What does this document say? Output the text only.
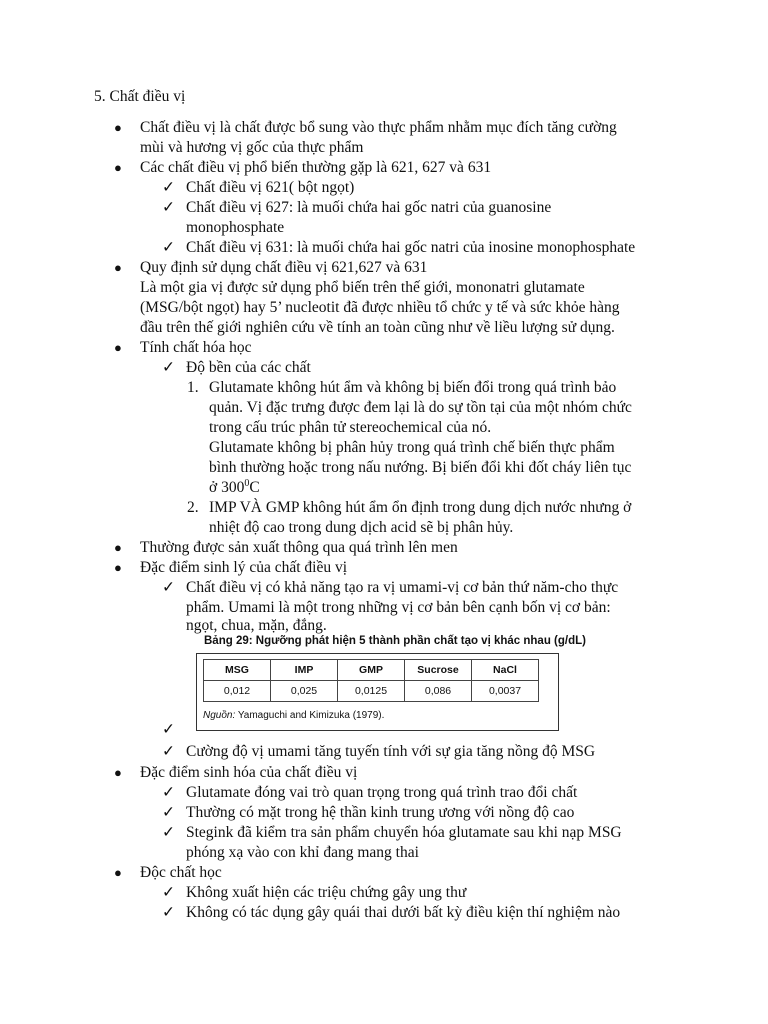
5. Chất điều vị
● Chất điều vị là chất được bổ sung vào thực phẩm nhằm mục đích tăng cường
mùi và hương vị gốc của thực phẩm
● Các chất điều vị phổ biến thường gặp là 621, 627 và 631
✓ Chất điều vị 621( bột ngọt)
✓ Chất điều vị 627: là muối chứa hai gốc natri của guanosine
monophosphate
✓ Chất điều vị 631: là muối chứa hai gốc natri của inosine monophosphate
● Quy định sử dụng chất điều vị 621,627 và 631
Là một gia vị được sử dụng phổ biến trên thế giới, mononatri glutamate
(MSG/bột ngọt) hay 5’ nucleotit đã được nhiều tổ chức y tế và sức khỏe hàng
đầu trên thế giới nghiên cứu về tính an toàn cũng như về liều lượng sử dụng.
● Tính chất hóa học
✓ Độ bền của các chất
1. Glutamate không hút ẩm và không bị biến đổi trong quá trình bảo
quản. Vị đặc trưng được đem lại là do sự tồn tại của một nhóm chức
trong cấu trúc phân tử stereochemical của nó.
Glutamate không bị phân hủy trong quá trình chế biến thực phẩm
bình thường hoặc trong nấu nướng. Bị biến đổi khi đốt cháy liên tục
ở $300^0C$
2. IMP VÀ GMP không hút ẩm ổn định trong dung dịch nước nhưng ở
nhiệt độ cao trong dung dịch acid sẽ bị phân hủy.
● Thường được sản xuất thông qua quá trình lên men
● Đặc điểm sinh lý của chất điều vị
✓ Chất điều vị có khả năng tạo ra vị umami-vị cơ bản thứ năm-cho thực
phẩm. Umami là một trong những vị cơ bản bên cạnh bốn vị cơ bản:
ngọt, chua, mặn, đắng.
Bảng 29: Ngưỡng phát hiện 5 thành phần chất tạo vị khác nhau (g/dL)
MSG	IMP	GMP	Sucrose	NaCl
0,012	0,025	0,0125	0,086	0,0037
Nguồn: Yamaguchi and Kimizuka (1979).
✓
✓ Cường độ vị umami tăng tuyến tính với sự gia tăng nồng độ MSG
● Đặc điểm sinh hóa của chất điều vị
✓ Glutamate đóng vai trò quan trọng trong quá trình trao đổi chất
✓ Thường có mặt trong hệ thần kinh trung ương với nồng độ cao
✓ Stegink đã kiểm tra sản phẩm chuyển hóa glutamate sau khi nạp MSG
phóng xạ vào con khỉ đang mang thai
● Độc chất học
✓ Không xuất hiện các triệu chứng gây ung thư
✓ Không có tác dụng gây quái thai dưới bất kỳ điều kiện thí nghiệm nào
